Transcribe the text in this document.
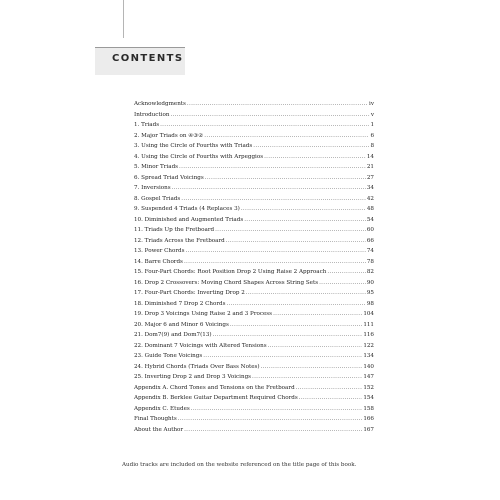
CONTENTS
Acknowledgments .....	iv
Introduction .....	v
1. Triads .....	1
2. Major Triads on ④③② .....	6
3. Using the Circle of Fourths with Triads .....	8
4. Using the Circle of Fourths with Arpeggios .....	14
5. Minor Triads .....	21
6. Spread Triad Voicings .....	27
7. Inversions .....	34
8. Gospel Triads .....	42
9. Suspended 4 Triads (4 Replaces 3) .....	48
10. Diminished and Augmented Triads .....	54
11. Triads Up the Fretboard .....	60
12. Triads Across the Fretboard .....	66
13. Power Chords .....	74
14. Barre Chords .....	78
15. Four-Part Chords: Root Position Drop 2 Using Raise 2 Approach .....	82
16. Drop 2 Crossovers: Moving Chord Shapes Across String Sets .....	90
17. Four-Part Chords: Inverting Drop 2 .....	95
18. Diminished 7 Drop 2 Chords .....	98
19. Drop 3 Voicings Using Raise 2 and 3 Process .....	104
20. Major 6 and Minor 6 Voicings .....	111
21. Dom7(9) and Dom7(13) .....	116
22. Dominant 7 Voicings with Altered Tensions .....	122
23. Guide Tone Voicings .....	134
24. Hybrid Chords (Triads Over Bass Notes) .....	140
25. Inverting Drop 2 and Drop 3 Voicings .....	147
Appendix A. Chord Tones and Tensions on the Fretboard .....	152
Appendix B. Berklee Guitar Department Required Chords .....	154
Appendix C. Etudes .....	158
Final Thoughts .....	166
About the Author .....	167
Audio tracks are included on the website referenced on the title page of this book.
